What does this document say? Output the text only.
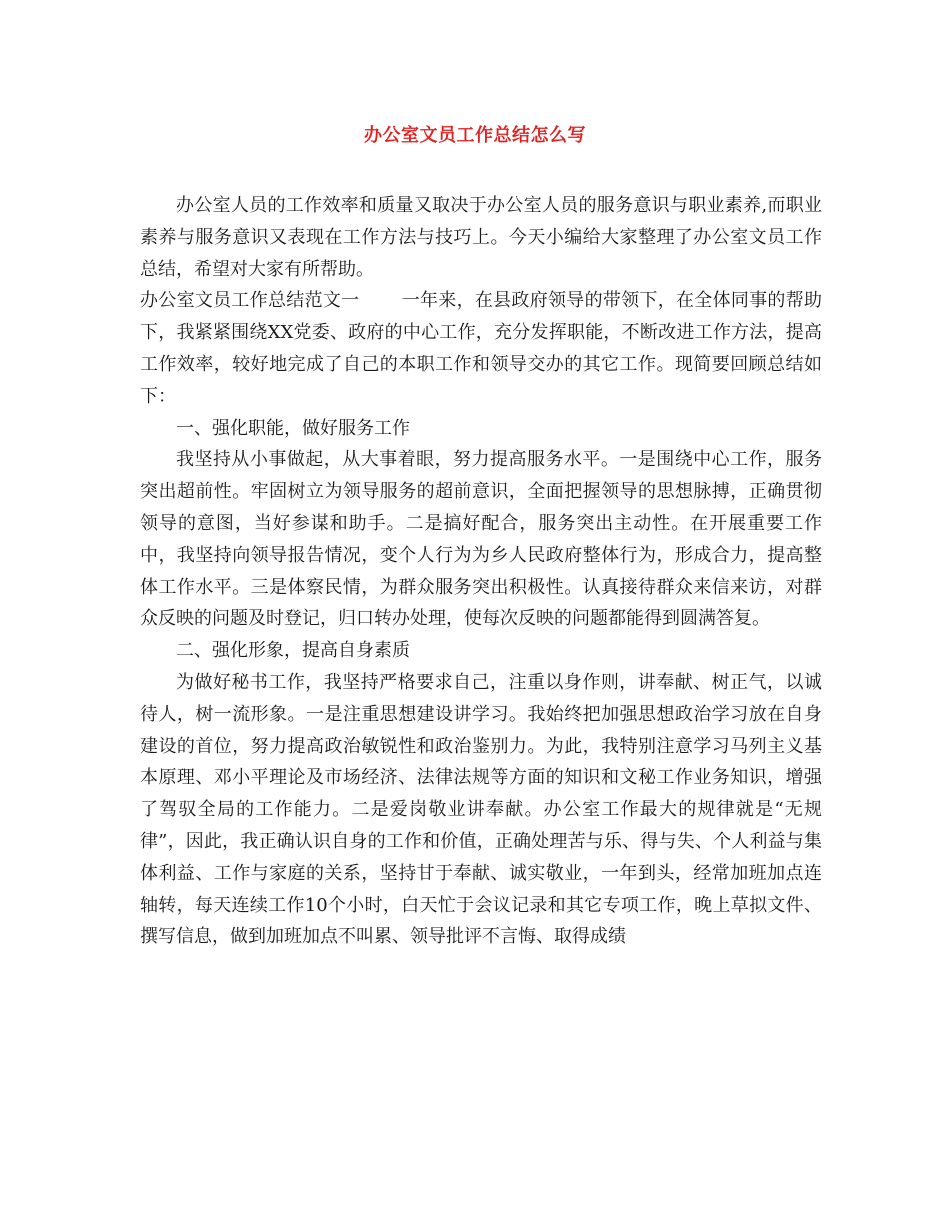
办公室文员工作总结怎么写

办公室人员的工作效率和质量又取决于办公室人员的服务意识与职业素养,而职业素养与服务意识又表现在工作方法与技巧上。今天小编给大家整理了办公室文员工作总结，希望对大家有所帮助。

办公室文员工作总结范文一 一年来，在县政府领导的带领下，在全体同事的帮助下，我紧紧围绕XX党委、政府的中心工作，充分发挥职能，不断改进工作方法，提高工作效率，较好地完成了自己的本职工作和领导交办的其它工作。现简要回顾总结如下：

一、强化职能，做好服务工作

我坚持从小事做起，从大事着眼，努力提高服务水平。一是围绕中心工作，服务突出超前性。牢固树立为领导服务的超前意识，全面把握领导的思想脉搏，正确贯彻领导的意图，当好参谋和助手。二是搞好配合，服务突出主动性。在开展重要工作中，我坚持向领导报告情况，变个人行为为乡人民政府整体行为，形成合力，提高整体工作水平。三是体察民情，为群众服务突出积极性。认真接待群众来信来访，对群众反映的问题及时登记，归口转办处理，使每次反映的问题都能得到圆满答复。

二、强化形象，提高自身素质

为做好秘书工作，我坚持严格要求自己，注重以身作则，讲奉献、树正气，以诚待人，树一流形象。一是注重思想建设讲学习。我始终把加强思想政治学习放在自身建设的首位，努力提高政治敏锐性和政治鉴别力。为此，我特别注意学习马列主义基本原理、邓小平理论及市场经济、法律法规等方面的知识和文秘工作业务知识，增强了驾驭全局的工作能力。二是爱岗敬业讲奉献。办公室工作最大的规律就是“无规律”，因此，我正确认识自身的工作和价值，正确处理苦与乐、得与失、个人利益与集体利益、工作与家庭的关系，坚持甘于奉献、诚实敬业，一年到头，经常加班加点连轴转，每天连续工作10个小时，白天忙于会议记录和其它专项工作，晚上草拟文件、撰写信息，做到加班加点不叫累、领导批评不言悔、取得成绩
